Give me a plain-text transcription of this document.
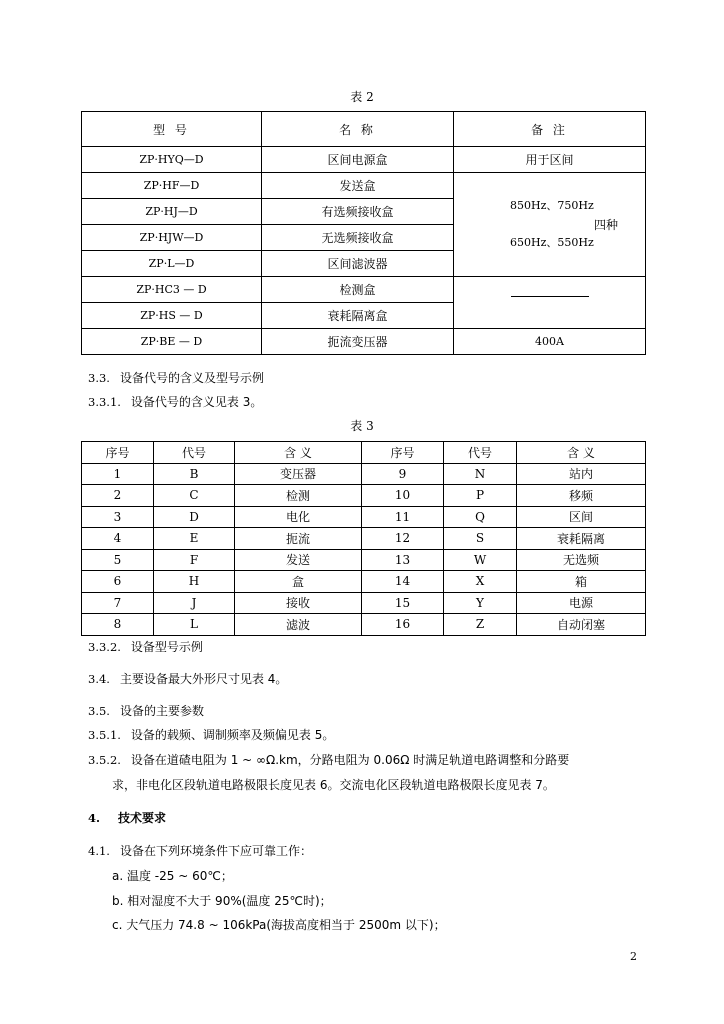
表 2
型 号	名 称	备 注
ZP·HYQ—D	区间电源盒	用于区间
ZP·HF—D	发送盒	850Hz、750Hz
四种
650Hz、550Hz

ZP·HJ—D	有选频接收盒	
ZP·HJW—D	无选频接收盒	
ZP·L—D	区间滤波器	
ZP·HC3 — D	检测盒	

ZP·HS — D	衰耗隔离盒	
ZP·BE — D	扼流变压器	400A
3.3. 设备代号的含义及型号示例
3.3.1. 设备代号的含义见表 3。
表 3
序号	代号	含 义	序号	代号	含 义
1	B	变压器	9	N	站内
2	C	检测	10	P	移频
3	D	电化	11	Q	区间
4	E	扼流	12	S	衰耗隔离
5	F	发送	13	W	无选频
6	H	盒	14	X	箱
7	J	接收	15	Y	电源
8	L	滤波	16	Z	自动闭塞
3.3.2. 设备型号示例
3.4. 主要设备最大外形尺寸见表 4。
3.5. 设备的主要参数
3.5.1. 设备的载频、调制频率及频偏见表 5。
3.5.2. 设备在道碴电阻为 1 ~ ∞Ω.km，分路电阻为 0.06Ω 时满足轨道电路调整和分路要
求，非电化区段轨道电路极限长度见表 6。交流电化区段轨道电路极限长度见表 7。
4. 技术要求
4.1. 设备在下列环境条件下应可靠工作：
a. 温度 -25 ~ 60℃；
b. 相对湿度不大于 90%(温度 25℃时)；
c. 大气压力 74.8 ~ 106kPa(海拔高度相当于 2500m 以下)；
2
